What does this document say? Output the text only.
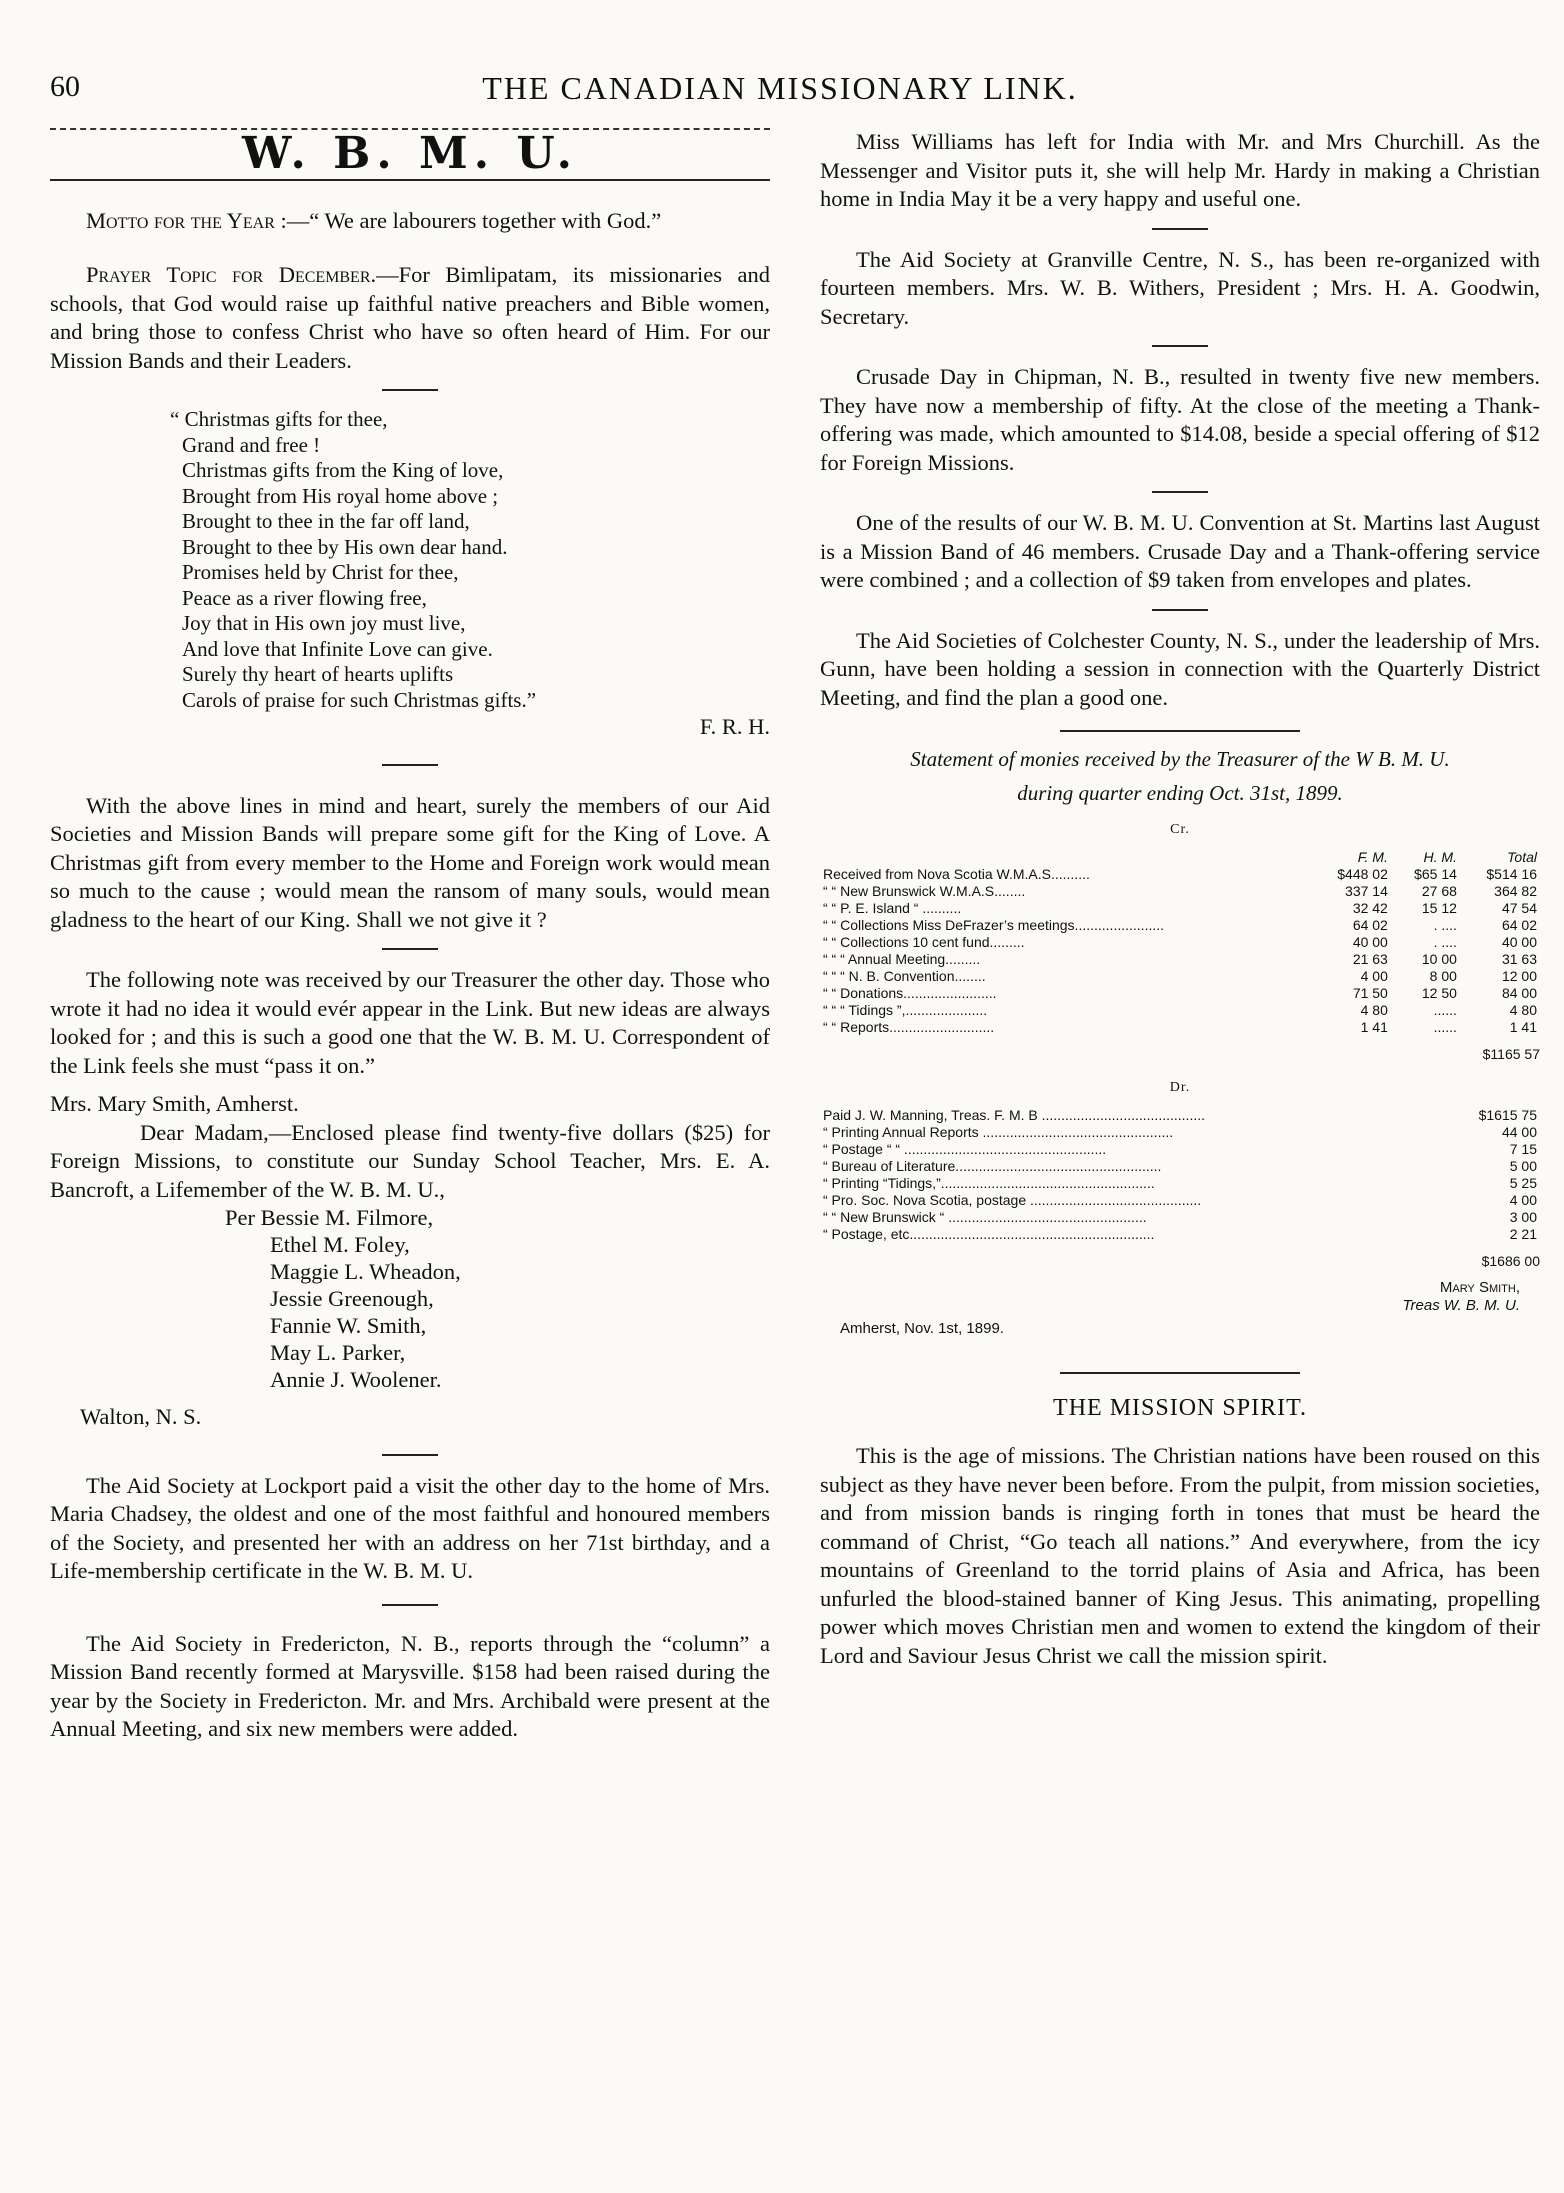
60	THE CANADIAN MISSIONARY LINK.
W. B. M. U.

Motto for the Year :—“ We are labourers together with God.”

Prayer Topic for December.—For Bimlipatam, its missionaries and schools, that God would raise up faithful native preachers and Bible women, and bring those to confess Christ who have so often heard of Him. For our Mission Bands and their Leaders.

“ Christmas gifts for thee,
Grand and free !
Christmas gifts from the King of love,
Brought from His royal home above ;
Brought to thee in the far off land,
Brought to thee by His own dear hand.
Promises held by Christ for thee,
Peace as a river flowing free,
Joy that in His own joy must live,
And love that Infinite Love can give.
Surely thy heart of hearts uplifts
Carols of praise for such Christmas gifts.”

F. R. H.

With the above lines in mind and heart, surely the members of our Aid Societies and Mission Bands will prepare some gift for the King of Love. A Christmas gift from every member to the Home and Foreign work would mean so much to the cause ; would mean the ransom of many souls, would mean gladness to the heart of our King. Shall we not give it ?

The following note was received by our Treasurer the other day. Those who wrote it had no idea it would evér appear in the Link. But new ideas are always looked for ; and this is such a good one that the W. B. M. U. Correspondent of the Link feels she must “pass it on.”

Mrs. Mary Smith, Amherst.

Dear Madam,—Enclosed please find twenty-five dollars ($25) for Foreign Missions, to constitute our Sunday School Teacher, Mrs. E. A. Bancroft, a Lifemember of the W. B. M. U.,

Per Bessie M. Filmore,
Ethel M. Foley,
Maggie L. Wheadon,
Jessie Greenough,
Fannie W. Smith,
May L. Parker,
Annie J. Woolener.

Walton, N. S.

The Aid Society at Lockport paid a visit the other day to the home of Mrs. Maria Chadsey, the oldest and one of the most faithful and honoured members of the Society, and presented her with an address on her 71st birthday, and a Life-membership certificate in the W. B. M. U.

The Aid Society in Fredericton, N. B., reports through the “column” a Mission Band recently formed at Marysville. $158 had been raised during the year by the Society in Fredericton. Mr. and Mrs. Archibald were present at the Annual Meeting, and six new members were added.

Miss Williams has left for India with Mr. and Mrs Churchill. As the Messenger and Visitor puts it, she will help Mr. Hardy in making a Christian home in India May it be a very happy and useful one.

The Aid Society at Granville Centre, N. S., has been re-organized with fourteen members. Mrs. W. B. Withers, President ; Mrs. H. A. Goodwin, Secretary.

Crusade Day in Chipman, N. B., resulted in twenty five new members. They have now a membership of fifty. At the close of the meeting a Thank-offering was made, which amounted to $14.08, beside a special offering of $12 for Foreign Missions.

One of the results of our W. B. M. U. Convention at St. Martins last August is a Mission Band of 46 members. Crusade Day and a Thank-offering service were combined ; and a collection of $9 taken from envelopes and plates.

The Aid Societies of Colchester County, N. S., under the leadership of Mrs. Gunn, have been holding a session in connection with the Quarterly District Meeting, and find the plan a good one.

Statement of monies received by the Treasurer of the W B. M. U.
during quarter ending Oct. 31st, 1899.
Cr.
	F. M.	H. M.	Total
Received from Nova Scotia W.M.A.S..........	$448 02	$65 14	$514 16
“ “ New Brunswick W.M.A.S........	337 14	27 68	364 82
“ “ P. E. Island “ ..........	32 42	15 12	47 54
“ “ Collections Miss DeFrazer’s meetings.......................	64 02	. ....	64 02
“ “ Collections 10 cent fund.........	40 00	. ....	40 00
“ “ “ Annual Meeting.........	21 63	10 00	31 63
“ “ “ N. B. Convention........	4 00	8 00	12 00
“ “ Donations........................	71 50	12 50	84 00
“ “ “ Tidings ”,.....................	4 80	......	4 80
“ “ Reports...........................	1 41	......	1 41
$1165 57
Dr.
Paid J. W. Manning, Treas. F. M. B ..........................................	$1615 75
“ Printing Annual Reports .................................................	44 00
“ Postage “ “ ....................................................	7 15
“ Bureau of Literature.....................................................	5 00
“ Printing “Tidings,”.......................................................	5 25
“ Pro. Soc. Nova Scotia, postage ............................................	4 00
“ “ New Brunswick “ ...................................................	3 00
“ Postage, etc...............................................................	2 21
$1686 00
Mary Smith,
Treas W. B. M. U.
Amherst, Nov. 1st, 1899.
THE MISSION SPIRIT.

This is the age of missions. The Christian nations have been roused on this subject as they have never been before. From the pulpit, from mission societies, and from mission bands is ringing forth in tones that must be heard the command of Christ, “Go teach all nations.” And everywhere, from the icy mountains of Greenland to the torrid plains of Asia and Africa, has been unfurled the blood-stained banner of King Jesus. This animating, propelling power which moves Christian men and women to extend the kingdom of their Lord and Saviour Jesus Christ we call the mission spirit.
